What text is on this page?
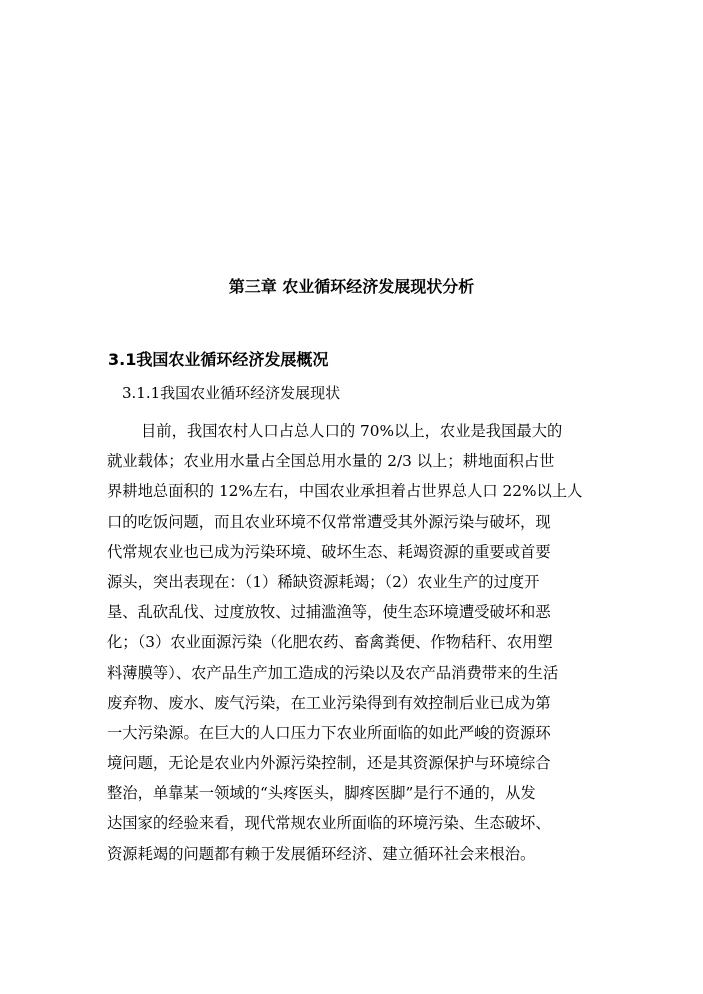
第三章 农业循环经济发展现状分析
3.1我国农业循环经济发展概况
3.1.1我国农业循环经济发展现状
目前，我国农村人口占总人口的 70%以上，农业是我国最大的
就业载体；农业用水量占全国总用水量的 2/3 以上；耕地面积占世
界耕地总面积的 12%左右，中国农业承担着占世界总人口 22%以上人
口的吃饭问题，而且农业环境不仅常常遭受其外源污染与破坏，现
代常规农业也已成为污染环境、破坏生态、耗竭资源的重要或首要
源头，突出表现在：（1）稀缺资源耗竭；（2）农业生产的过度开
垦、乱砍乱伐、过度放牧、过捕滥渔等，使生态环境遭受破坏和恶
化；（3）农业面源污染（化肥农药、畜禽粪便、作物秸秆、农用塑
料薄膜等）、农产品生产加工造成的污染以及农产品消费带来的生活
废弃物、废水、废气污染，在工业污染得到有效控制后业已成为第
一大污染源。在巨大的人口压力下农业所面临的如此严峻的资源环
境问题，无论是农业内外源污染控制，还是其资源保护与环境综合
整治，单靠某一领域的“头疼医头，脚疼医脚”是行不通的，从发
达国家的经验来看，现代常规农业所面临的环境污染、生态破坏、
资源耗竭的问题都有赖于发展循环经济、建立循环社会来根治。
